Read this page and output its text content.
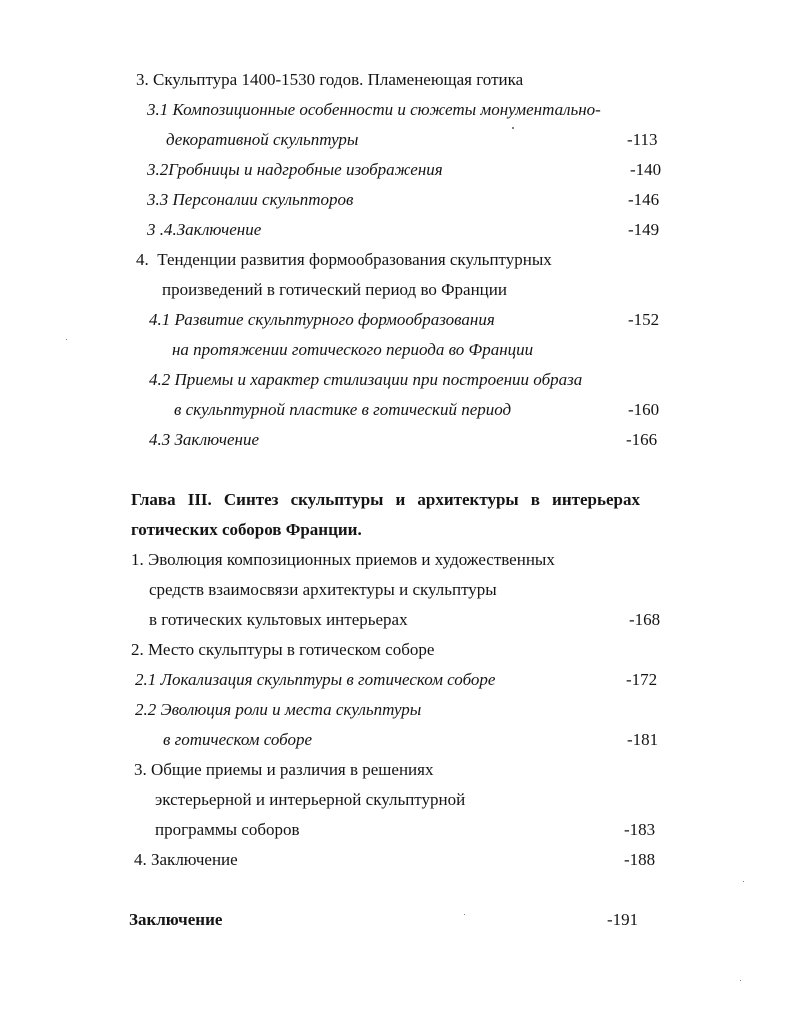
3. Скульптура 1400-1530 годов. Пламенеющая готика
3.1 Композиционные особенности и сюжеты монументально-
декоративной скульптуры	-113
3.2Гробницы и надгробные изображения	-140
3.3 Персоналии скульпторов	-146
3 .4.Заключение	-149
4.  Тенденции развития формообразования скульптурных
произведений в готический период во Франции
4.1 Развитие скульптурного формообразования	-152
на протяжении готического периода во Франции
4.2 Приемы и характер стилизации при построении образа
в скульптурной пластике в готический период	-160
4.3 Заключение	-166
Глава III. Синтез скульптуры и архитектуры в интерьерах
готических соборов Франции.
1. Эволюция композиционных приемов и художественных
средств взаимосвязи архитектуры и скульптуры
в готических культовых интерьерах	-168
2. Место скульптуры в готическом соборе
2.1 Локализация скульптуры в готическом соборе	-172
2.2 Эволюция роли и места скульптуры
в готическом соборе	-181
3. Общие приемы и различия в решениях
экстерьерной и интерьерной скульптурной
программы соборов	-183
4. Заключение	-188
Заключение	-191
